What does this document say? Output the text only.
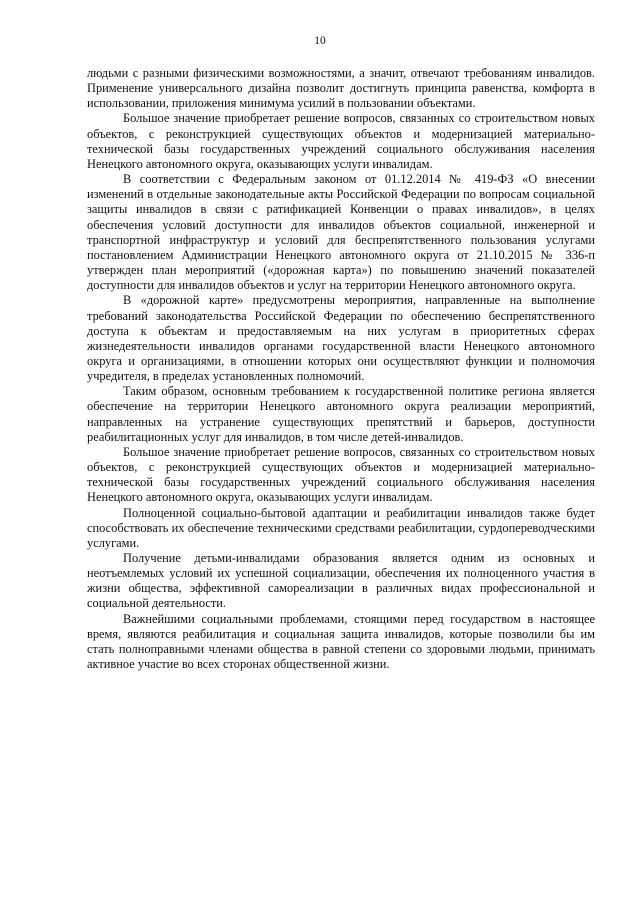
10

людьми с разными физическими возможностями, а значит, отвечают требованиям инвалидов. Применение универсального дизайна позволит достигнуть принципа равенства, комфорта в использовании, приложения минимума усилий в пользовании объектами.

Большое значение приобретает решение вопросов, связанных со строительством новых объектов, с реконструкцией существующих объектов и модернизацией материально-технической базы государственных учреждений социального обслуживания населения Ненецкого автономного округа, оказывающих услуги инвалидам.

В соответствии с Федеральным законом от 01.12.2014 № 419-ФЗ «О внесении изменений в отдельные законодательные акты Российской Федерации по вопросам социальной защиты инвалидов в связи с ратификацией Конвенции о правах инвалидов», в целях обеспечения условий доступности для инвалидов объектов социальной, инженерной и транспортной инфраструктур и условий для беспрепятственного пользования услугами постановлением Администрации Ненецкого автономного округа от 21.10.2015 № 336-п утвержден план мероприятий («дорожная карта») по повышению значений показателей доступности для инвалидов объектов и услуг на территории Ненецкого автономного округа.

В «дорожной карте» предусмотрены мероприятия, направленные на выполнение требований законодательства Российской Федерации по обеспечению беспрепятственного доступа к объектам и предоставляемым на них услугам в приоритетных сферах жизнедеятельности инвалидов органами государственной власти Ненецкого автономного округа и организациями, в отношении которых они осуществляют функции и полномочия учредителя, в пределах установленных полномочий.

Таким образом, основным требованием к государственной политике региона является обеспечение на территории Ненецкого автономного округа реализации мероприятий, направленных на устранение существующих препятствий и барьеров, доступности реабилитационных услуг для инвалидов, в том числе детей-инвалидов.

Большое значение приобретает решение вопросов, связанных со строительством новых объектов, с реконструкцией существующих объектов и модернизацией материально-технической базы государственных учреждений социального обслуживания населения Ненецкого автономного округа, оказывающих услуги инвалидам.

Полноценной социально-бытовой адаптации и реабилитации инвалидов также будет способствовать их обеспечение техническими средствами реабилитации, сурдопереводческими услугами.

Получение детьми-инвалидами образования является одним из основных и неотъемлемых условий их успешной социализации, обеспечения их полноценного участия в жизни общества, эффективной самореализации в различных видах профессиональной и социальной деятельности.

Важнейшими социальными проблемами, стоящими перед государством в настоящее время, являются реабилитация и социальная защита инвалидов, которые позволили бы им стать полноправными членами общества в равной степени со здоровыми людьми, принимать активное участие во всех сторонах общественной жизни.
